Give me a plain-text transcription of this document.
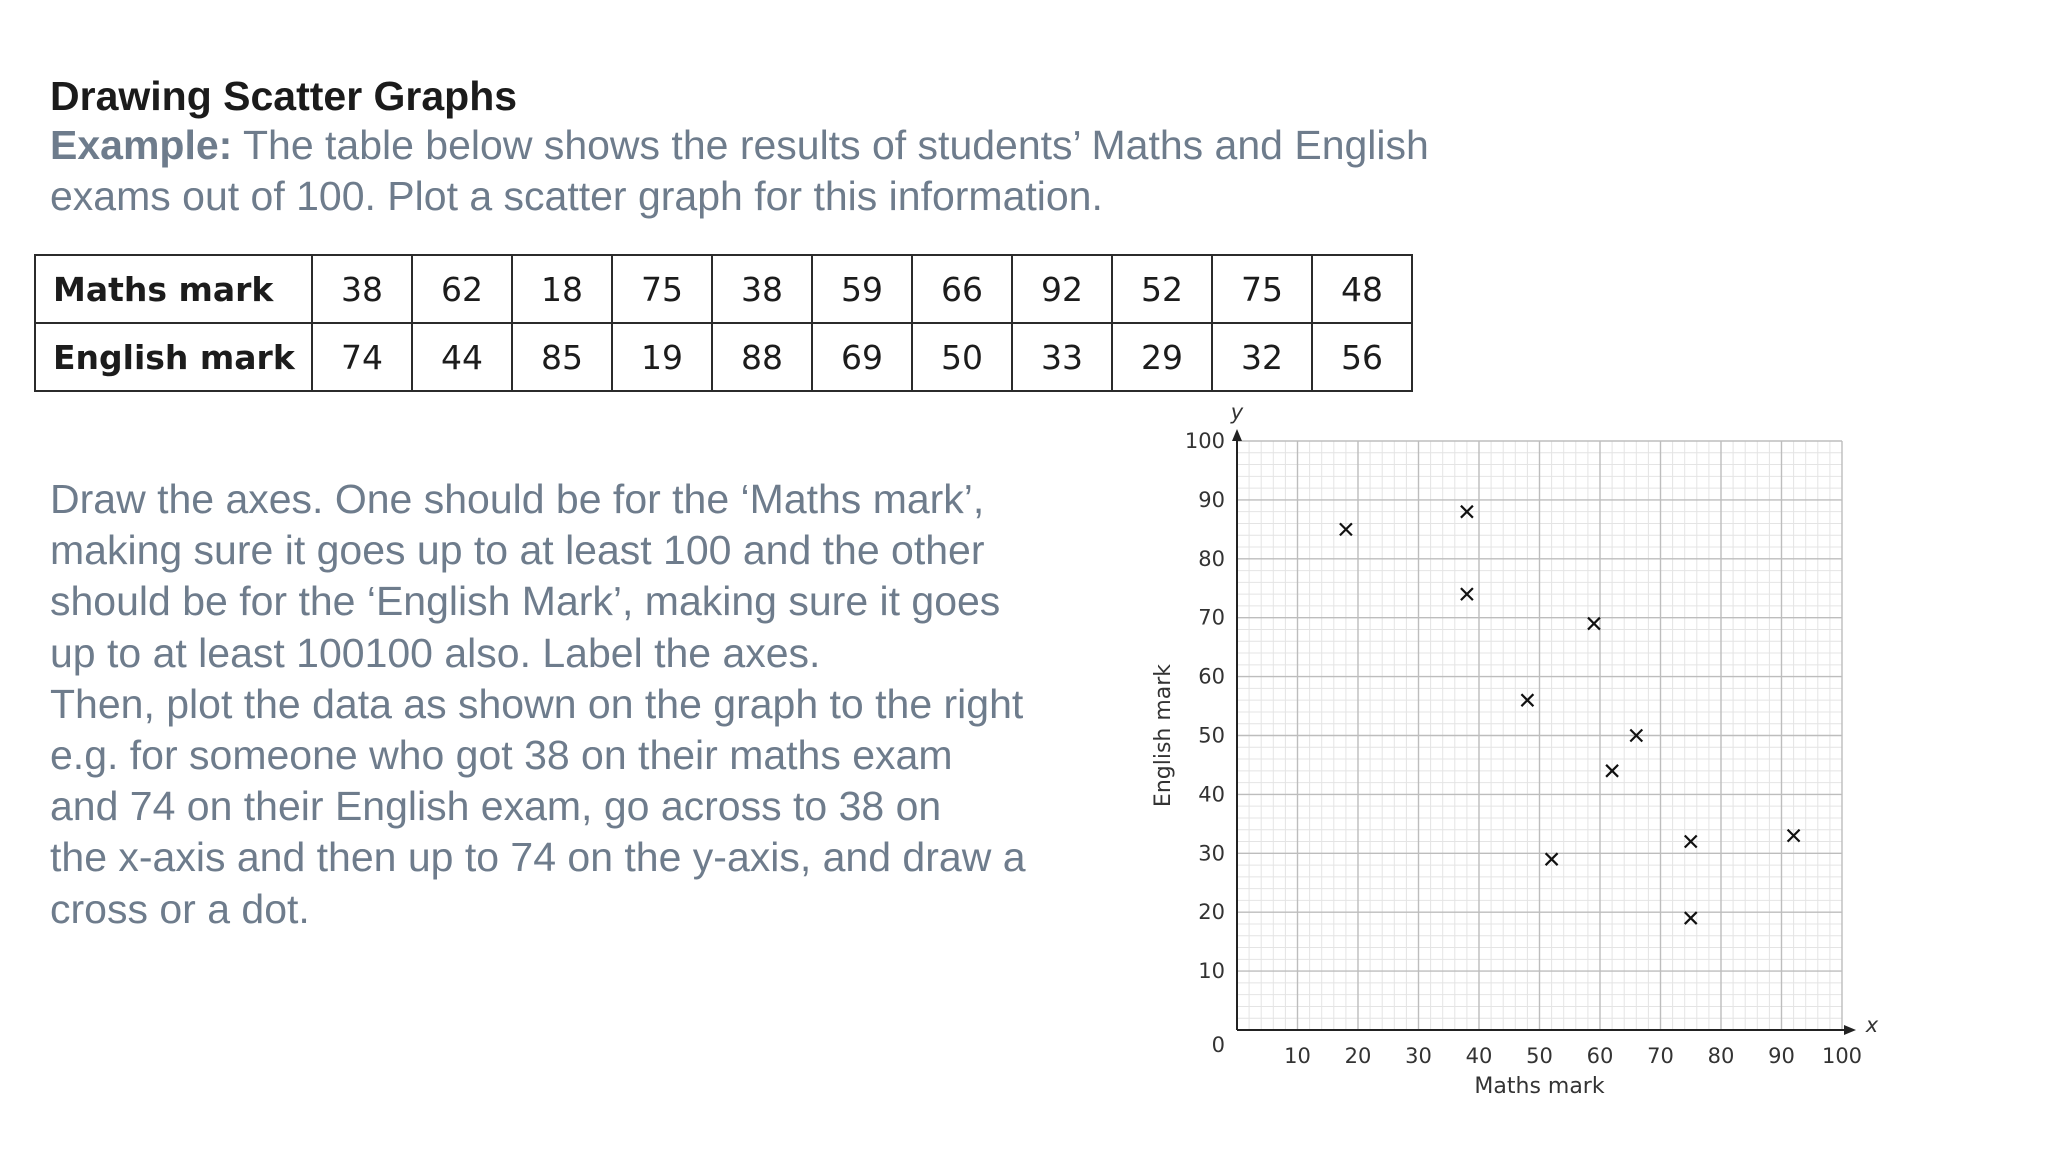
Drawing Scatter Graphs

Example: The table below shows the results of students’ Maths and English
exams out of 100. Plot a scatter graph for this information.

Maths mark	38	62	18	75	38	59	66	92	52	75	48
English mark	74	44	85	19	88	69	50	33	29	32	56

Draw the axes. One should be for the ‘Maths mark’,
making sure it goes up to at least 100 and the other
should be for the ‘English Mark’, making sure it goes
up to at least 100100 also. Label the axes.
Then, plot the data as shown on the graph to the right
e.g. for someone who got 38 on their maths exam
and 74 on their English exam, go across to 38 on
the x-axis and then up to 74 on the y-axis, and draw a
cross or a dot.

10 20 30 40 50 60 70 80 90 100
10
20
30
40
50
60
70
80
90
100
0
x
y
Maths mark
English mark
